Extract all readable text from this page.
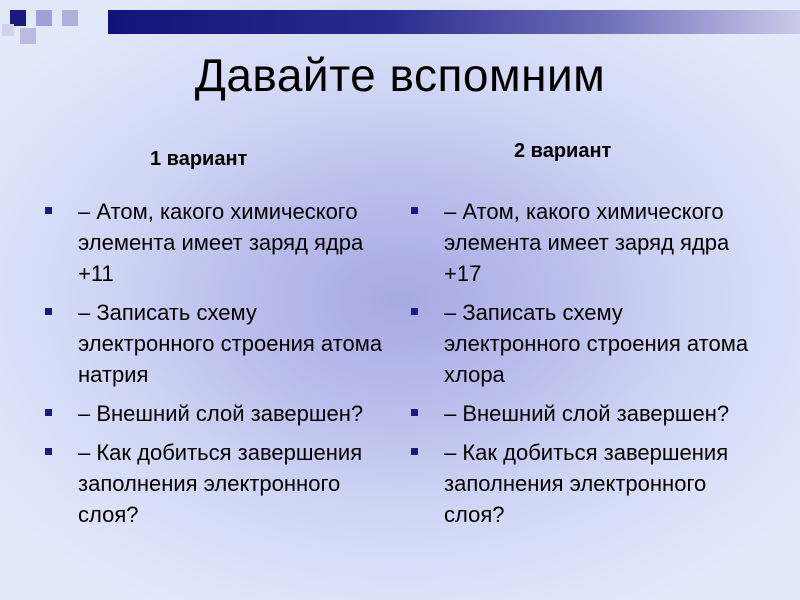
Давайте вспомним
1 вариант	2 вариант
– Атом, какого химического элемента имеет заряд ядра +11
– Записать схему электронного строения атома натрия
– Внешний слой завершен?
– Как добиться завершения заполнения электронного слоя?
– Атом, какого химического элемента имеет заряд ядра +17
– Записать схему электронного строения атома хлора
– Внешний слой завершен?
– Как добиться завершения заполнения электронного слоя?
